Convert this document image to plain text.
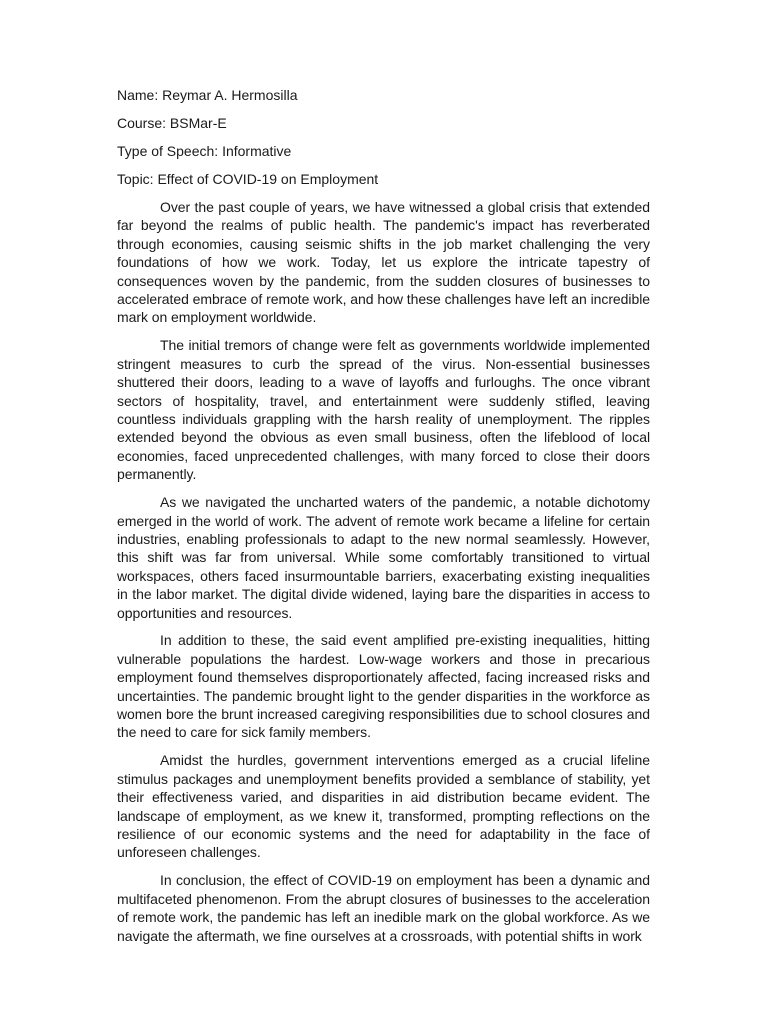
Name: Reymar A. Hermosilla

Course: BSMar-E

Type of Speech: Informative

Topic: Effect of COVID-19 on Employment

Over the past couple of years, we have witnessed a global crisis that extended far beyond the realms of public health. The pandemic's impact has reverberated through economies, causing seismic shifts in the job market challenging the very foundations of how we work. Today, let us explore the intricate tapestry of consequences woven by the pandemic, from the sudden closures of businesses to accelerated embrace of remote work, and how these challenges have left an incredible mark on employment worldwide.

The initial tremors of change were felt as governments worldwide implemented stringent measures to curb the spread of the virus. Non-essential businesses shuttered their doors, leading to a wave of layoffs and furloughs. The once vibrant sectors of hospitality, travel, and entertainment were suddenly stifled, leaving countless individuals grappling with the harsh reality of unemployment. The ripples extended beyond the obvious as even small business, often the lifeblood of local economies, faced unprecedented challenges, with many forced to close their doors permanently.

As we navigated the uncharted waters of the pandemic, a notable dichotomy emerged in the world of work. The advent of remote work became a lifeline for certain industries, enabling professionals to adapt to the new normal seamlessly. However, this shift was far from universal. While some comfortably transitioned to virtual workspaces, others faced insurmountable barriers, exacerbating existing inequalities in the labor market. The digital divide widened, laying bare the disparities in access to opportunities and resources.

In addition to these, the said event amplified pre-existing inequalities, hitting vulnerable populations the hardest. Low-wage workers and those in precarious employment found themselves disproportionately affected, facing increased risks and uncertainties. The pandemic brought light to the gender disparities in the workforce as women bore the brunt increased caregiving responsibilities due to school closures and the need to care for sick family members.

Amidst the hurdles, government interventions emerged as a crucial lifeline stimulus packages and unemployment benefits provided a semblance of stability, yet their effectiveness varied, and disparities in aid distribution became evident. The landscape of employment, as we knew it, transformed, prompting reflections on the resilience of our economic systems and the need for adaptability in the face of unforeseen challenges.

In conclusion, the effect of COVID-19 on employment has been a dynamic and multifaceted phenomenon. From the abrupt closures of businesses to the acceleration of remote work, the pandemic has left an inedible mark on the global workforce. As we navigate the aftermath, we fine ourselves at a crossroads, with potential shifts in work
